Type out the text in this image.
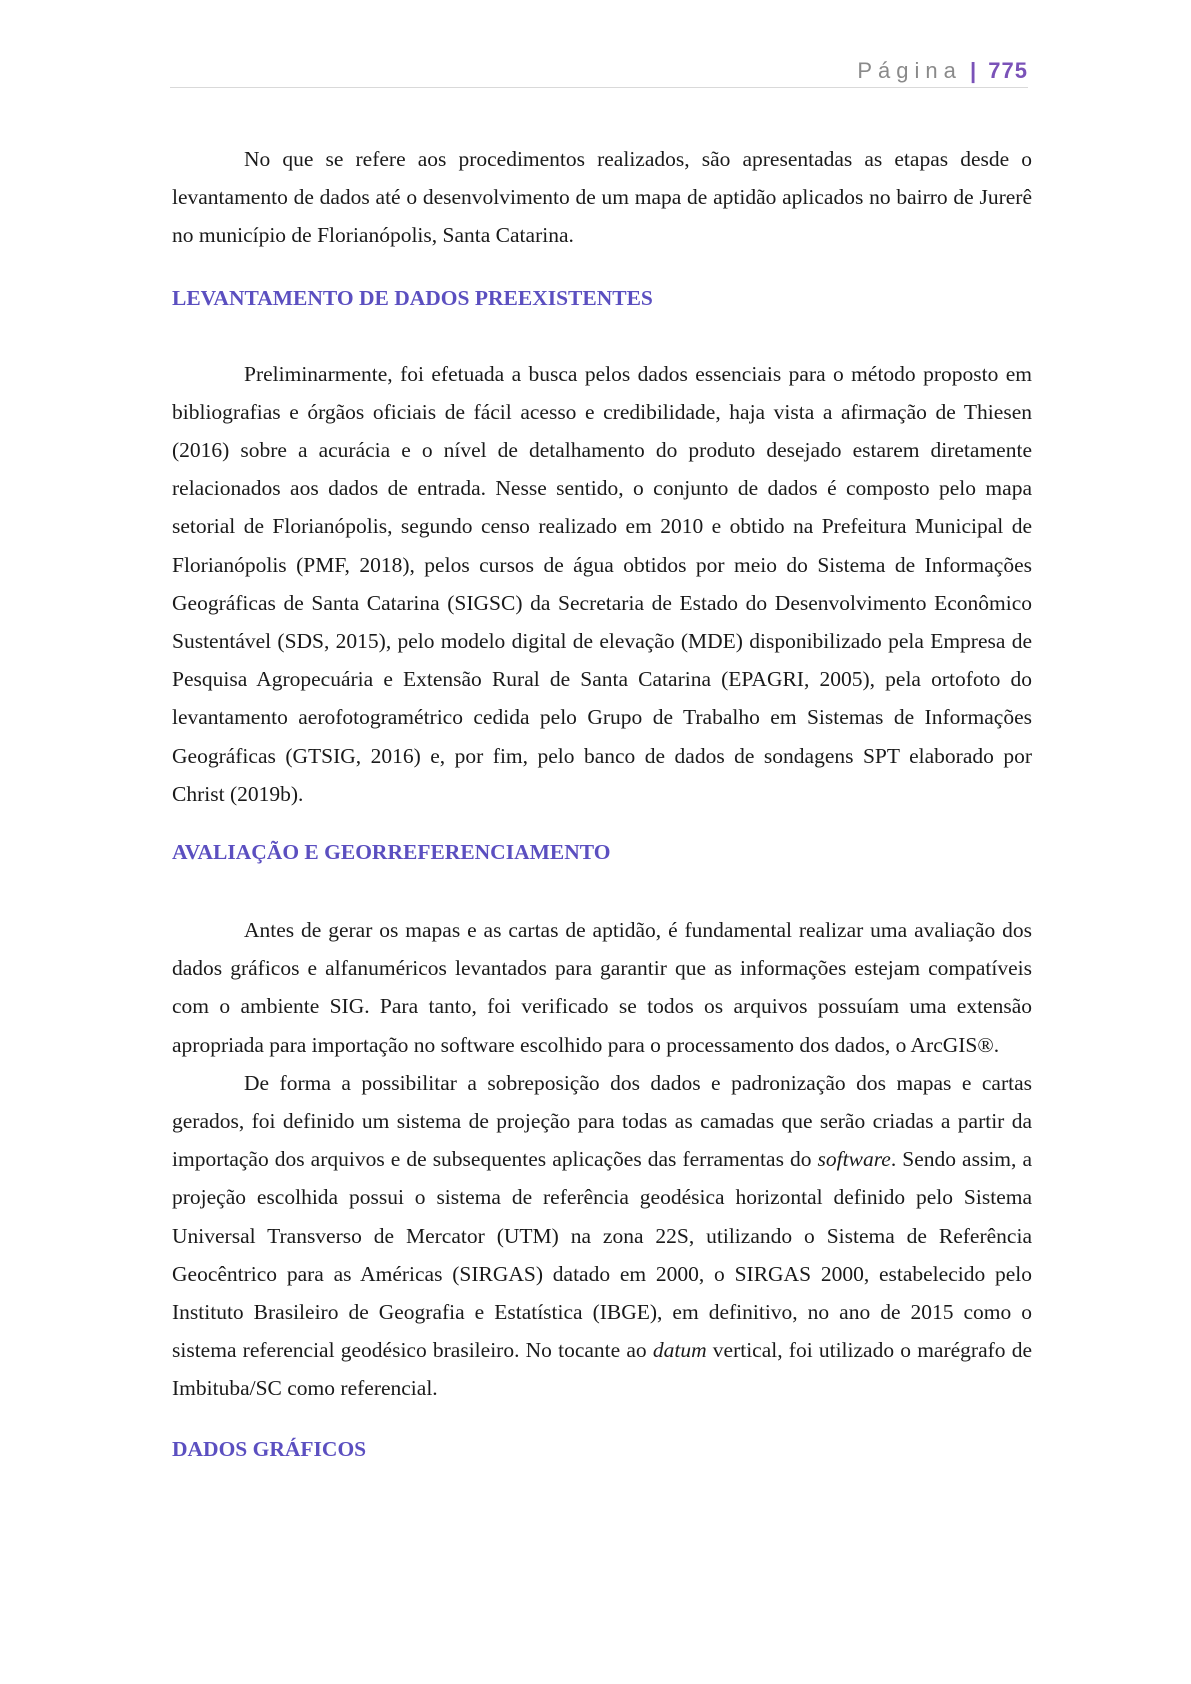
Página | 775

No que se refere aos procedimentos realizados, são apresentadas as etapas desde o levantamento de dados até o desenvolvimento de um mapa de aptidão aplicados no bairro de Jurerê no município de Florianópolis, Santa Catarina.

LEVANTAMENTO DE DADOS PREEXISTENTES

Preliminarmente, foi efetuada a busca pelos dados essenciais para o método proposto em bibliografias e órgãos oficiais de fácil acesso e credibilidade, haja vista a afirmação de Thiesen (2016) sobre a acurácia e o nível de detalhamento do produto desejado estarem diretamente relacionados aos dados de entrada. Nesse sentido, o conjunto de dados é composto pelo mapa setorial de Florianópolis, segundo censo realizado em 2010 e obtido na Prefeitura Municipal de Florianópolis (PMF, 2018), pelos cursos de água obtidos por meio do Sistema de Informações Geográficas de Santa Catarina (SIGSC) da Secretaria de Estado do Desenvolvimento Econômico Sustentável (SDS, 2015), pelo modelo digital de elevação (MDE) disponibilizado pela Empresa de Pesquisa Agropecuária e Extensão Rural de Santa Catarina (EPAGRI, 2005), pela ortofoto do levantamento aerofotogramétrico cedida pelo Grupo de Trabalho em Sistemas de Informações Geográficas (GTSIG, 2016) e, por fim, pelo banco de dados de sondagens SPT elaborado por Christ (2019b).

AVALIAÇÃO E GEORREFERENCIAMENTO

Antes de gerar os mapas e as cartas de aptidão, é fundamental realizar uma avaliação dos dados gráficos e alfanuméricos levantados para garantir que as informações estejam compatíveis com o ambiente SIG. Para tanto, foi verificado se todos os arquivos possuíam uma extensão apropriada para importação no software escolhido para o processamento dos dados, o ArcGIS®.

De forma a possibilitar a sobreposição dos dados e padronização dos mapas e cartas gerados, foi definido um sistema de projeção para todas as camadas que serão criadas a partir da importação dos arquivos e de subsequentes aplicações das ferramentas do software. Sendo assim, a projeção escolhida possui o sistema de referência geodésica horizontal definido pelo Sistema Universal Transverso de Mercator (UTM) na zona 22S, utilizando o Sistema de Referência Geocêntrico para as Américas (SIRGAS) datado em 2000, o SIRGAS 2000, estabelecido pelo Instituto Brasileiro de Geografia e Estatística (IBGE), em definitivo, no ano de 2015 como o sistema referencial geodésico brasileiro. No tocante ao datum vertical, foi utilizado o marégrafo de Imbituba/SC como referencial.

DADOS GRÁFICOS
